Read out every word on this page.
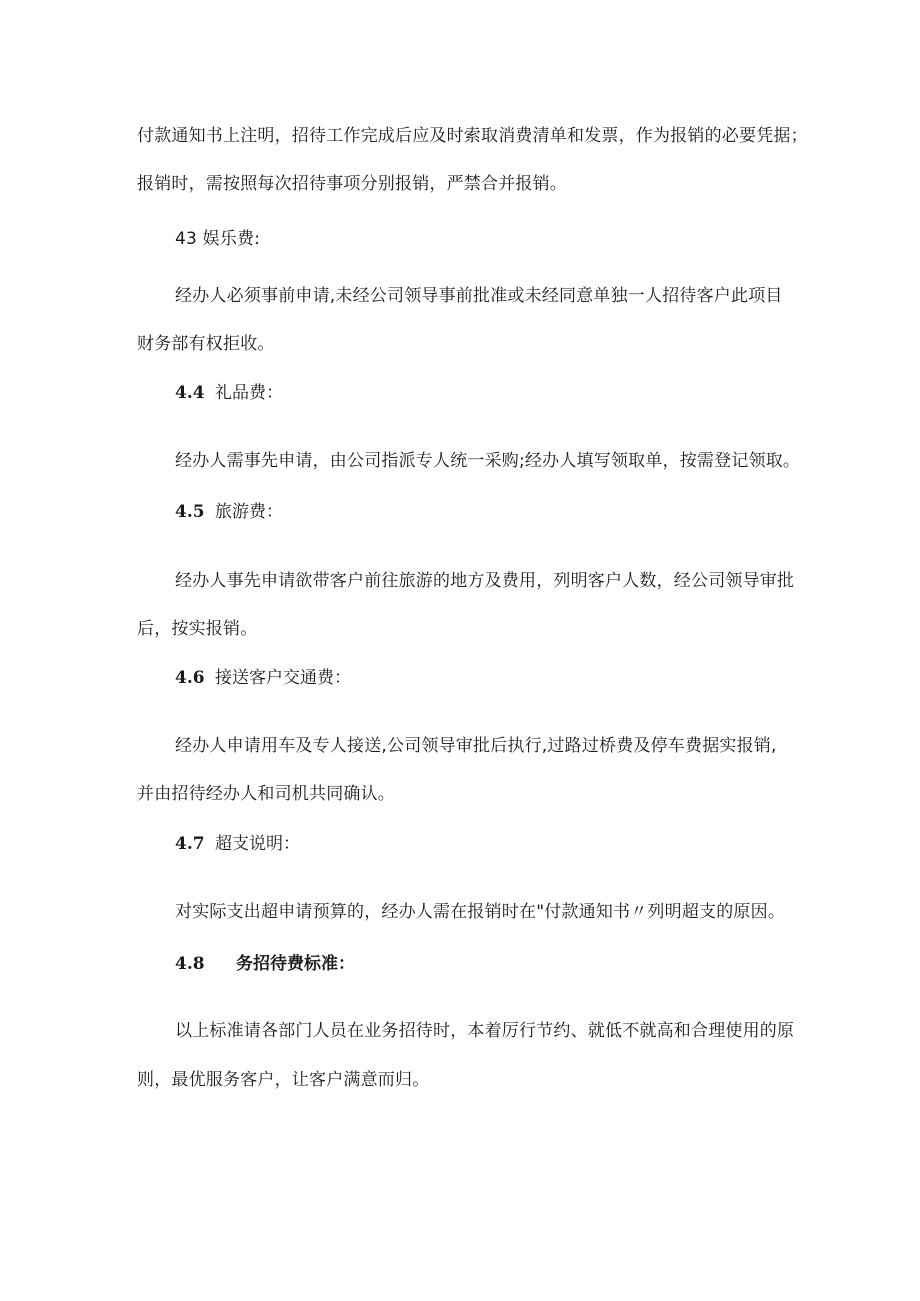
付款通知书上注明，招待工作完成后应及时索取消费清单和发票，作为报销的必要凭据；
报销时，需按照每次招待事项分别报销，严禁合并报销。
43 娱乐费:
经办人必须事前申请,未经公司领导事前批准或未经同意单独一人招待客户此项目
财务部有权拒收。
4.4 礼品费：
经办人需事先申请，由公司指派专人统一采购;经办人填写领取单，按需登记领取。
4.5 旅游费：
经办人事先申请欲带客户前往旅游的地方及费用，列明客户人数，经公司领导审批
后，按实报销。
4.6 接送客户交通费：
经办人申请用车及专人接送,公司领导审批后执行,过路过桥费及停车费据实报销,
并由招待经办人和司机共同确认。
4.7 超支说明：
对实际支出超申请预算的，经办人需在报销时在"付款通知书〃列明超支的原因。
4.8 务招待费标准：
以上标准请各部门人员在业务招待时，本着厉行节约、就低不就高和合理使用的原
则，最优服务客户，让客户满意而归。
